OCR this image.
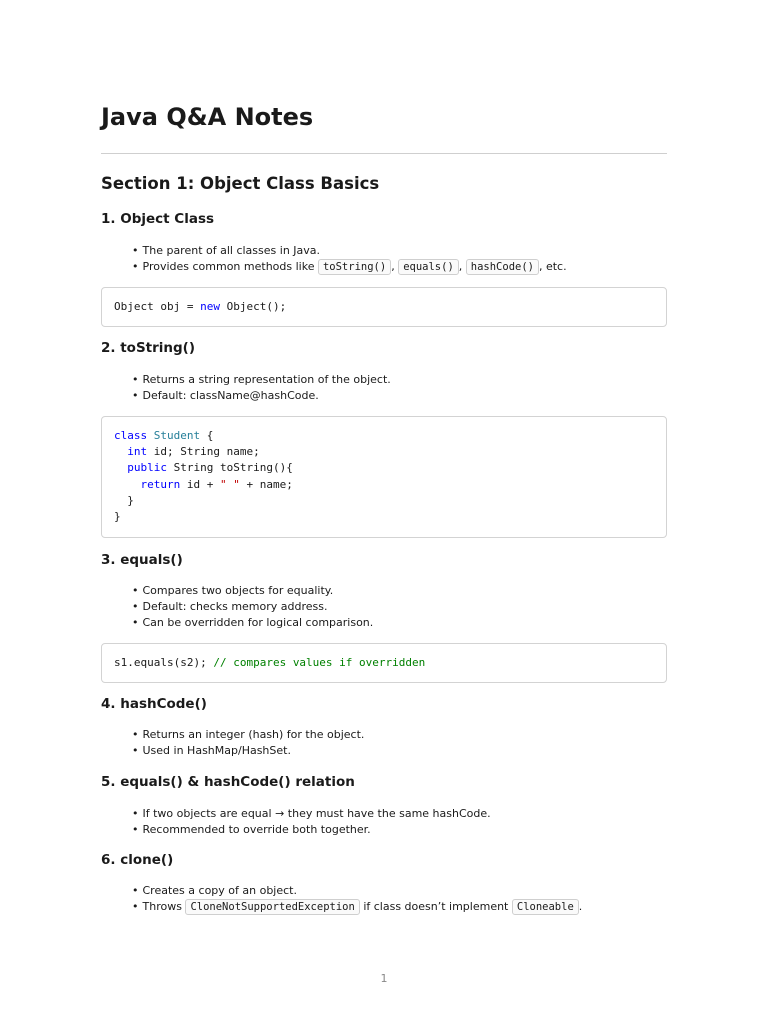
Java Q&A Notes
Section 1: Object Class Basics
1. Object Class
• The parent of all classes in Java.
• Provides common methods like toString() , equals() , hashCode() , etc.
Object obj = new Object();
2. toString()
• Returns a string representation of the object.
• Default: className@hashCode.
class Student {
int id; String name;
public String toString(){
return id + " " + name;
}
}
3. equals()
• Compares two objects for equality.
• Default: checks memory address.
• Can be overridden for logical comparison.
s1.equals(s2); // compares values if overridden
4. hashCode()
• Returns an integer (hash) for the object.
• Used in HashMap/HashSet.
5. equals() & hashCode() relation
• If two objects are equal → they must have the same hashCode.
• Recommended to override both together.
6. clone()
• Creates a copy of an object.
• Throws CloneNotSupportedException if class doesn’t implement Cloneable .
1
